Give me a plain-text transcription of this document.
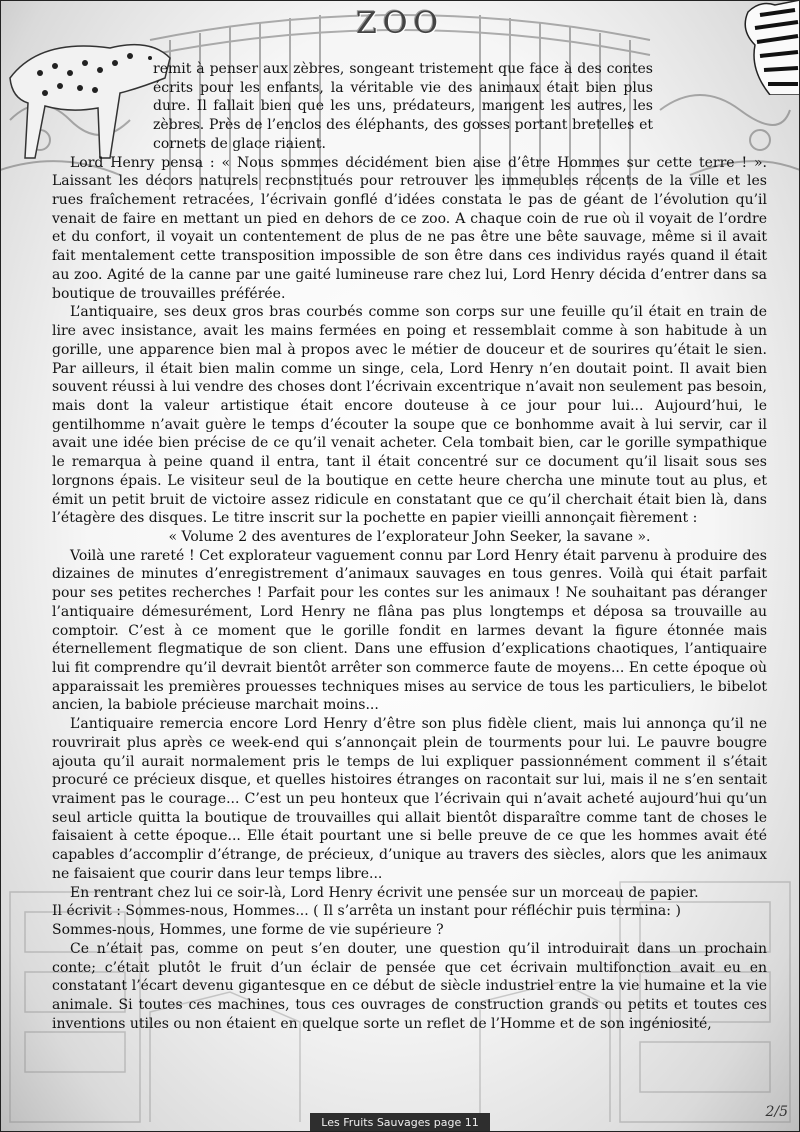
ZOO

remit à penser aux zèbres, songeant tristement que face à des contes écrits pour les enfants, la véritable vie des animaux était bien plus dure. Il fallait bien que les uns, prédateurs, mangent les autres, les zèbres. Près de l’enclos des éléphants, des gosses portant bretelles et cornets de glace riaient.

Lord Henry pensa : « Nous sommes décidément bien aise d’être Hommes sur cette terre ! ». Laissant les décors naturels reconstitués pour retrouver les immeubles récents de la ville et les rues fraîchement retracées, l’écrivain gonflé d’idées constata le pas de géant de l’évolution qu’il venait de faire en mettant un pied en dehors de ce zoo. A chaque coin de rue où il voyait de l’ordre et du confort, il voyait un contentement de plus de ne pas être une bête sauvage, même si il avait fait mentalement cette transposition impossible de son être dans ces individus rayés quand il était au zoo. Agité de la canne par une gaité lumineuse rare chez lui, Lord Henry décida d’entrer dans sa boutique de trouvailles préférée.

L’antiquaire, ses deux gros bras courbés comme son corps sur une feuille qu’il était en train de lire avec insistance, avait les mains fermées en poing et ressemblait comme à son habitude à un gorille, une apparence bien mal à propos avec le métier de douceur et de sourires qu’était le sien. Par ailleurs, il était bien malin comme un singe, cela, Lord Henry n’en doutait point. Il avait bien souvent réussi à lui vendre des choses dont l’écrivain excentrique n’avait non seulement pas besoin, mais dont la valeur artistique était encore douteuse à ce jour pour lui... Aujourd’hui, le gentilhomme n’avait guère le temps d’écouter la soupe que ce bonhomme avait à lui servir, car il avait une idée bien précise de ce qu’il venait acheter. Cela tombait bien, car le gorille sympathique le remarqua à peine quand il entra, tant il était concentré sur ce document qu’il lisait sous ses lorgnons épais. Le visiteur seul de la boutique en cette heure chercha une minute tout au plus, et émit un petit bruit de victoire assez ridicule en constatant que ce qu’il cherchait était bien là, dans l’étagère des disques. Le titre inscrit sur la pochette en papier vieilli annonçait fièrement :

« Volume 2 des aventures de l’explorateur John Seeker, la savane ».

Voilà une rareté ! Cet explorateur vaguement connu par Lord Henry était parvenu à produire des dizaines de minutes d’enregistrement d’animaux sauvages en tous genres. Voilà qui était parfait pour ses petites recherches ! Parfait pour les contes sur les animaux ! Ne souhaitant pas déranger l’antiquaire démesurément, Lord Henry ne flâna pas plus longtemps et déposa sa trouvaille au comptoir. C’est à ce moment que le gorille fondit en larmes devant la figure étonnée mais éternellement flegmatique de son client. Dans une effusion d’explications chaotiques, l’antiquaire lui fit comprendre qu’il devrait bientôt arrêter son commerce faute de moyens... En cette époque où apparaissait les premières prouesses techniques mises au service de tous les particuliers, le bibelot ancien, la babiole précieuse marchait moins...

L’antiquaire remercia encore Lord Henry d’être son plus fidèle client, mais lui annonça qu’il ne rouvrirait plus après ce week-end qui s’annonçait plein de tourments pour lui. Le pauvre bougre ajouta qu’il aurait normalement pris le temps de lui expliquer passionnément comment il s’était procuré ce précieux disque, et quelles histoires étranges on racontait sur lui, mais il ne s’en sentait vraiment pas le courage... C’est un peu honteux que l’écrivain qui n’avait acheté aujourd’hui qu’un seul article quitta la boutique de trouvailles qui allait bientôt disparaître comme tant de choses le faisaient à cette époque... Elle était pourtant une si belle preuve de ce que les hommes avait été capables d’accomplir d’étrange, de précieux, d’unique au travers des siècles, alors que les animaux ne faisaient que courir dans leur temps libre...

En rentrant chez lui ce soir-là, Lord Henry écrivit une pensée sur un morceau de papier.

Il écrivit : Sommes-nous, Hommes... ( Il s’arrêta un instant pour réfléchir puis termina: )

Sommes-nous, Hommes, une forme de vie supérieure ?

Ce n’était pas, comme on peut s’en douter, une question qu’il introduirait dans un prochain conte; c’était plutôt le fruit d’un éclair de pensée que cet écrivain multifonction avait eu en constatant l’écart devenu gigantesque en ce début de siècle industriel entre la vie humaine et la vie animale. Si toutes ces machines, tous ces ouvrages de construction grands ou petits et toutes ces inventions utiles ou non étaient en quelque sorte un reflet de l’Homme et de son ingéniosité,

Les Fruits Sauvages page 11
2/5
